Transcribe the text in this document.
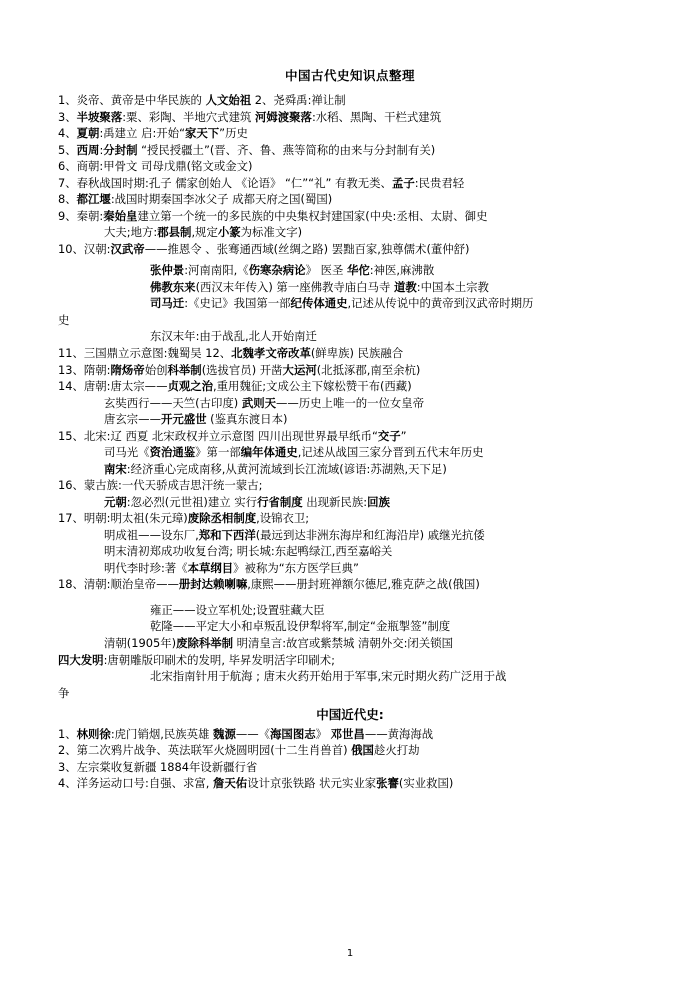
中国古代史知识点整理

1、炎帝、黄帝是中华民族的 人文始祖 2、尧舜禹:禅让制

3、半坡聚落:粟、彩陶、半地穴式建筑 河姆渡聚落:水稻、黑陶、干栏式建筑

4、夏朝:禹建立 启:开始“家天下”历史

5、西周:分封制 “授民授疆土”(晋、齐、鲁、燕等简称的由来与分封制有关)

6、商朝:甲骨文 司母戊鼎(铭文或金文)

7、春秋战国时期:孔子 儒家创始人 《论语》 “仁”“礼” 有教无类、孟子:民贵君轻

8、都江堰:战国时期秦国李冰父子 成都天府之国(蜀国)

9、秦朝:秦始皇建立第一个统一的多民族的中央集权封建国家(中央:丞相、太尉、御史

大夫;地方:郡县制,规定小篆为标准文字)

10、汉朝:汉武帝——推恩令 、张骞通西域(丝绸之路) 罢黜百家,独尊儒术(董仲舒)

张仲景:河南南阳,《伤寒杂病论》 医圣 华佗:神医,麻沸散

佛教东来(西汉末年传入) 第一座佛教寺庙白马寺 道教:中国本土宗教

司马迁:《史记》我国第一部纪传体通史,记述从传说中的黄帝到汉武帝时期历

史

东汉末年:由于战乱,北人开始南迁

11、三国鼎立示意图:魏蜀吴 12、北魏孝文帝改革(鲜卑族) 民族融合

13、隋朝:隋炀帝始创科举制(选拔官员) 开凿大运河(北抵涿郡,南至余杭)

14、唐朝:唐太宗——贞观之治,重用魏征;文成公主下嫁松赞干布(西藏)

玄奘西行——天竺(古印度) 武则天——历史上唯一的一位女皇帝

唐玄宗——开元盛世 (鉴真东渡日本)

15、北宋:辽 西夏 北宋政权并立示意图 四川出现世界最早纸币“交子”

司马光《资治通鉴》第一部编年体通史,记述从战国三家分晋到五代末年历史

南宋:经济重心完成南移,从黄河流域到长江流域(谚语:苏湖熟,天下足)

16、蒙古族:一代天骄成吉思汗统一蒙古;

元朝:忽必烈(元世祖)建立 实行行省制度 出现新民族:回族

17、明朝:明太祖(朱元璋)废除丞相制度,设锦衣卫;

明成祖——设东厂,郑和下西洋(最远到达非洲东海岸和红海沿岸) 戚继光抗倭

明末清初郑成功收复台湾; 明长城:东起鸭绿江,西至嘉峪关

明代李时珍:著《本草纲目》被称为“东方医学巨典”

18、清朝:顺治皇帝——册封达赖喇嘛,康熙——册封班禅额尔德尼,雅克萨之战(俄国)

雍正——设立军机处;设置驻藏大臣

乾隆——平定大小和卓叛乱设伊犁将军,制定“金瓶掣签”制度

清朝(1905年)废除科举制 明清皇言:故宫或紫禁城 清朝外交:闭关锁国

四大发明:唐朝雕版印刷术的发明, 毕昇发明活字印刷术;

北宋指南针用于航海 ; 唐末火药开始用于军事,宋元时期火药广泛用于战

争

中国近代史:

1、林则徐:虎门销烟,民族英雄 魏源——《海国图志》 邓世昌——黄海海战

2、第二次鸦片战争、英法联军火烧圆明园(十二生肖兽首) 俄国趁火打劫

3、左宗棠收复新疆 1884年设新疆行省

4、洋务运动口号:自强、求富, 詹天佑设计京张铁路 状元实业家张謇(实业救国)

1
